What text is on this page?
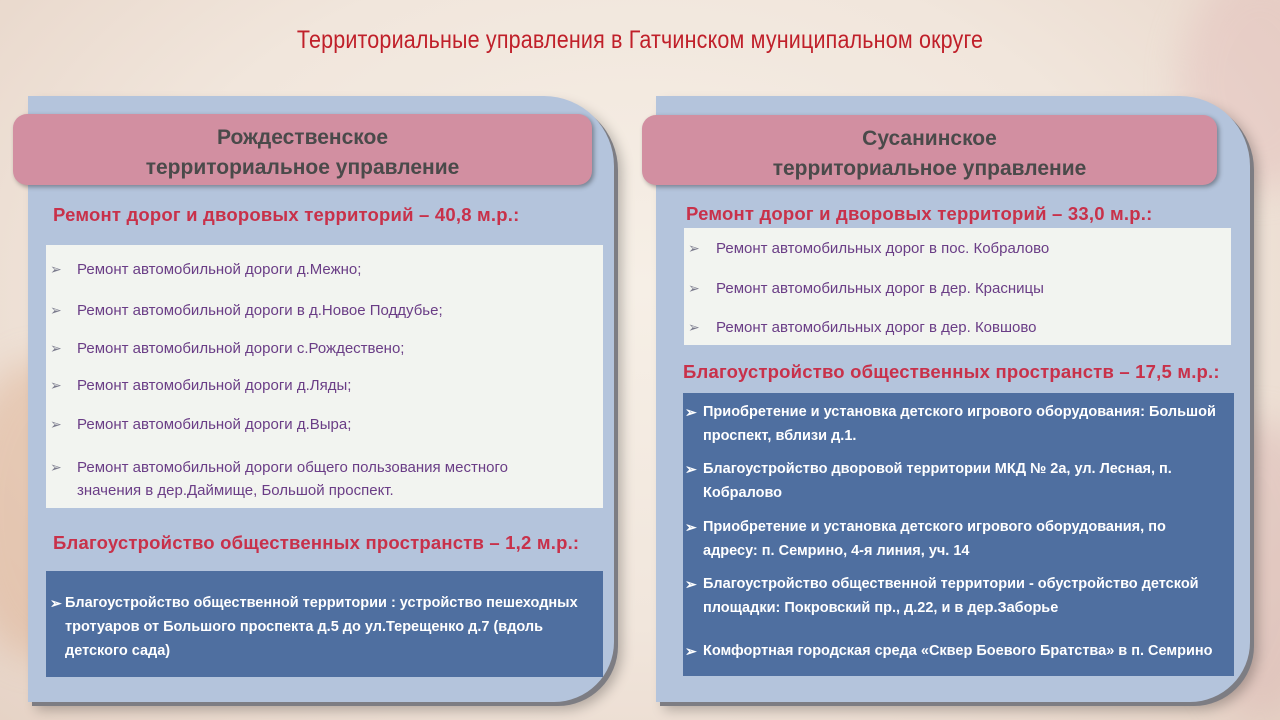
Территориальные управления в Гатчинском муниципальном округе
Рождественское
территориальное управление
Ремонт дорог и дворовых территорий – 40,8 м.р.:
➢	Ремонт автомобильной дороги д.Межно;
➢	Ремонт автомобильной дороги в д.Новое Поддубье;
➢	Ремонт автомобильной дороги с.Рождествено;
➢	Ремонт автомобильной дороги д.Ляды;
➢	Ремонт автомобильной дороги д.Выра;
➢	Ремонт автомобильной дороги общего пользования местного значения в дер.Даймище, Большой проспект.
Благоустройство общественных пространств – 1,2 м.р.:
➢ Благоустройство общественной территории : устройство пешеходных тротуаров от Большого проспекта д.5 до ул.Терещенко д.7 (вдоль детского сада)
Сусанинское
территориальное управление
Ремонт дорог и дворовых территорий – 33,0 м.р.:
➢	Ремонт автомобильных дорог в пос. Кобралово
➢	Ремонт автомобильных дорог в дер. Красницы
➢	Ремонт автомобильных дорог в дер. Ковшово
Благоустройство общественных пространств – 17,5 м.р.:
➢ Приобретение и установка детского игрового оборудования: Большой проспект, вблизи д.1.
➢ Благоустройство дворовой территории МКД № 2а, ул. Лесная, п. Кобралово
➢ Приобретение и установка детского игрового оборудования, по адресу: п. Семрино, 4-я линия, уч. 14
➢ Благоустройство общественной территории - обустройство детской площадки: Покровский пр., д.22, и в дер.Заборье
➢ Комфортная городская среда «Сквер Боевого Братства» в п. Семрино
